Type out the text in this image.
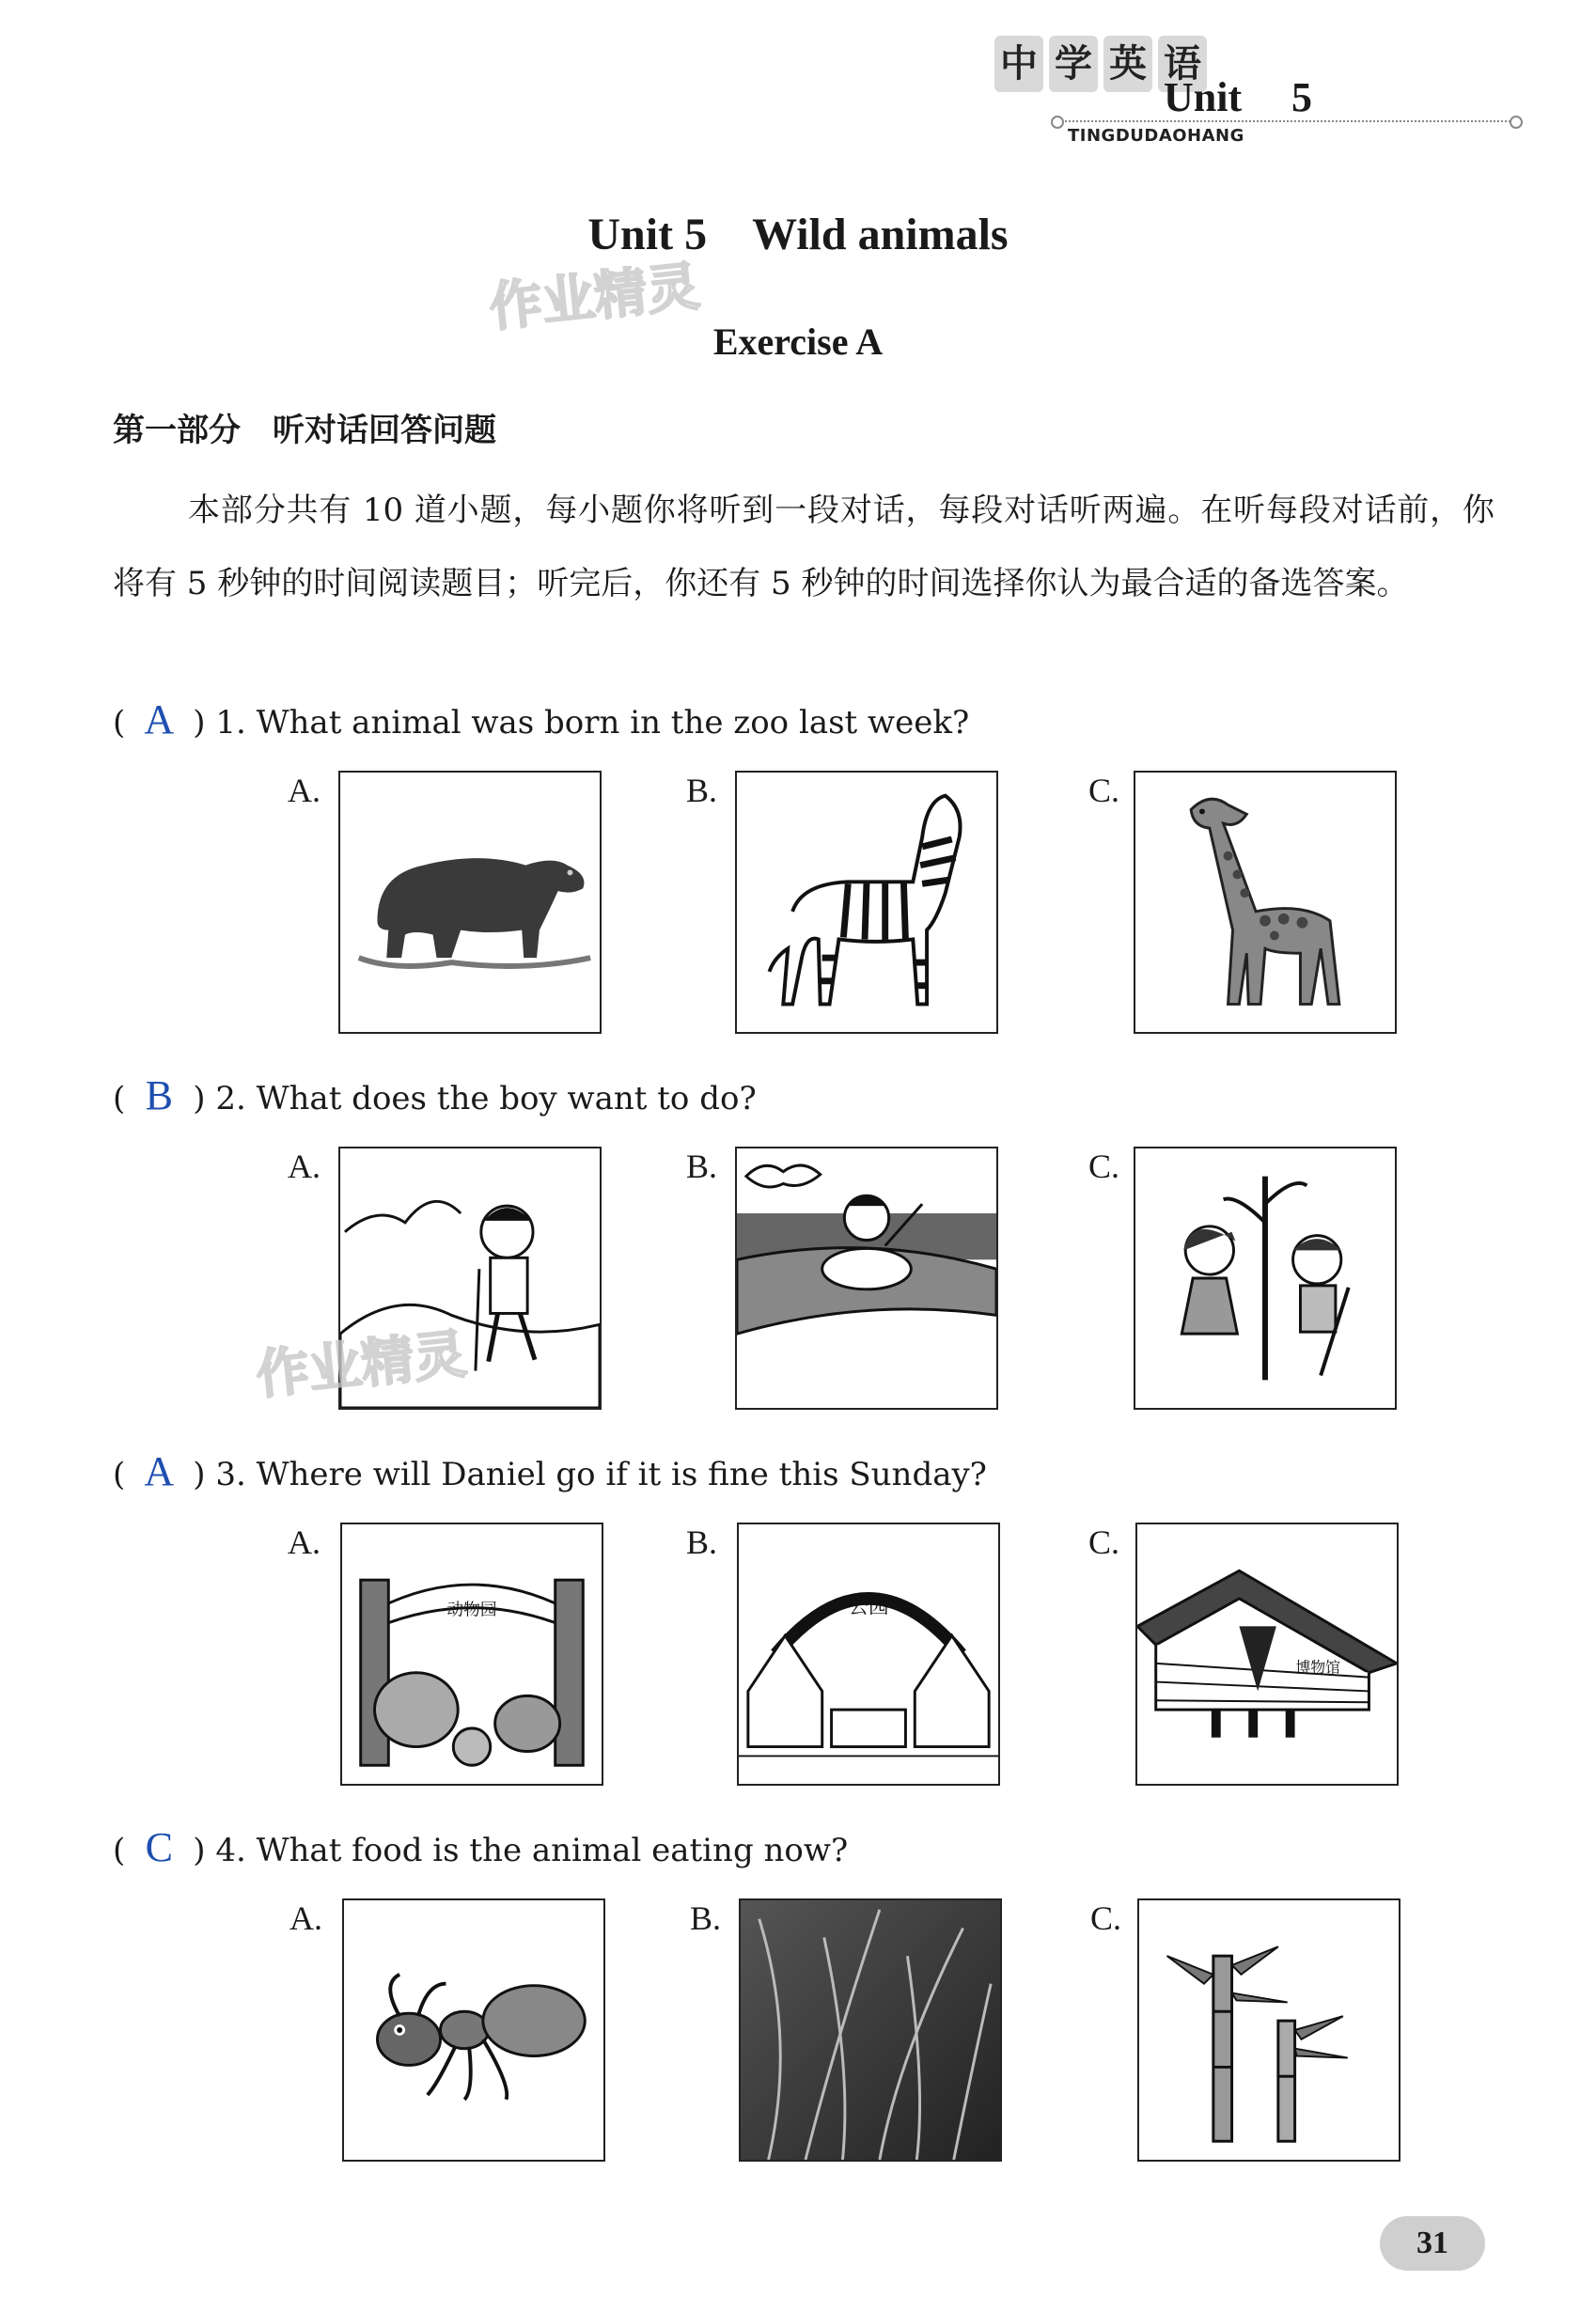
中 学 英 语
Unit 5
TINGDUDAOHANG
Unit 5 Wild animals
作业精灵
Exercise A
第一部分　听对话回答问题
本部分共有 10 道小题，每小题你将听到一段对话，每段对话听两遍。在听每段对话前，你将有 5 秒钟的时间阅读题目；听完后，你还有 5 秒钟的时间选择你认为最合适的备选答案。
( A ) 1. What animal was born in the zoo last week?
A.	B.	C.
( B ) 2. What does the boy want to do?
A.	B.	C.
作业精灵
( A ) 3. Where will Daniel go if it is fine this Sunday?
A.
动物园
B.
公园
C.
博物馆
( C ) 4. What food is the animal eating now?
A.	B.	C.
31
